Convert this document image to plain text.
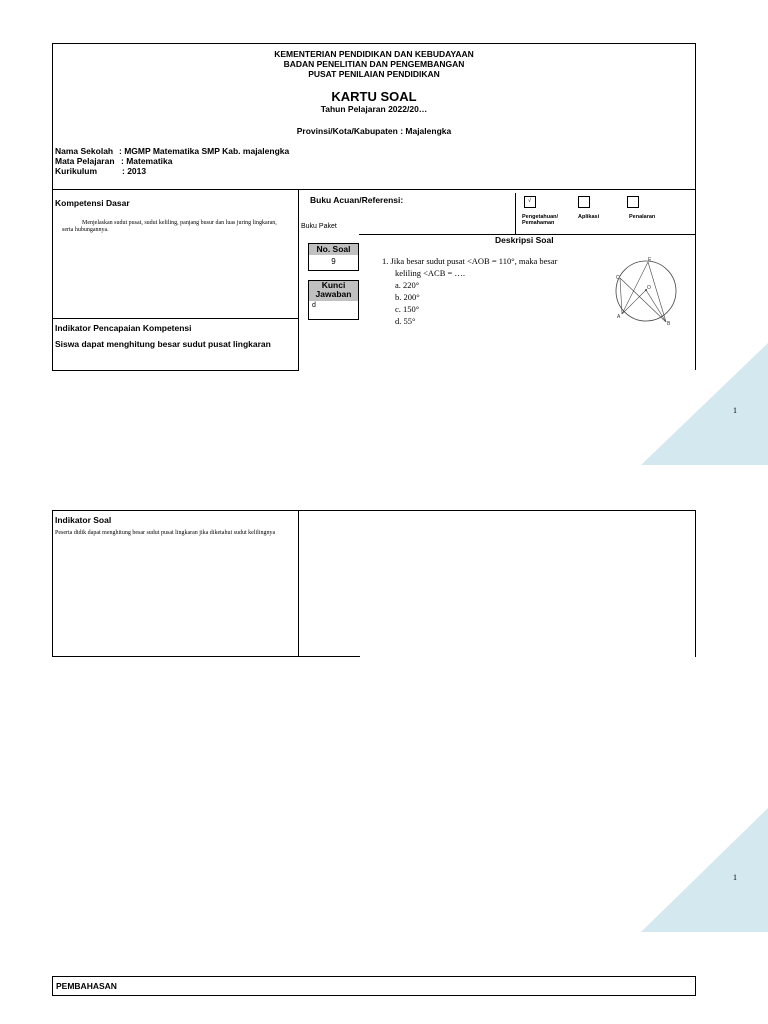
KEMENTERIAN PENDIDIKAN DAN KEBUDAYAAN
BADAN PENELITIAN DAN PENGEMBANGAN
PUSAT PENILAIAN PENDIDIKAN
KARTU SOAL
Tahun Pelajaran 2022/20…
Provinsi/Kota/Kabupaten : Majalengka
Nama Sekolah : MGMP Matematika SMP Kab. majalengka
Mata Pelajaran : Matematika
Kurikulum	: 2013
Kompetensi Dasar
Menjelaskan sudut pusat, sudut keliling, panjang busur dan luas juring lingkaran, serta hubungannya.
Indikator Pencapaian Kompetensi
Siswa dapat menghitung besar sudut pusat lingkaran
Buku Acuan/Referensi:
Buku Paket
√
Pengetahuan/ Pemahaman
Aplikasi	Penalaran
Deskripsi Soal
No. Soal
9
Kunci Jawaban
d
1. Jika besar sudut pusat <AOB = 110°, maka besar
keliling <ACB = ….
a. 220°
b. 200°
c. 150°
d. 55°
C
E
O
A
B
1
Indikator Soal
Peserta didik dapat menghitung besar sudut pusat lingkaran jika diketahui sudut kelilingnya
1
PEMBAHASAN
